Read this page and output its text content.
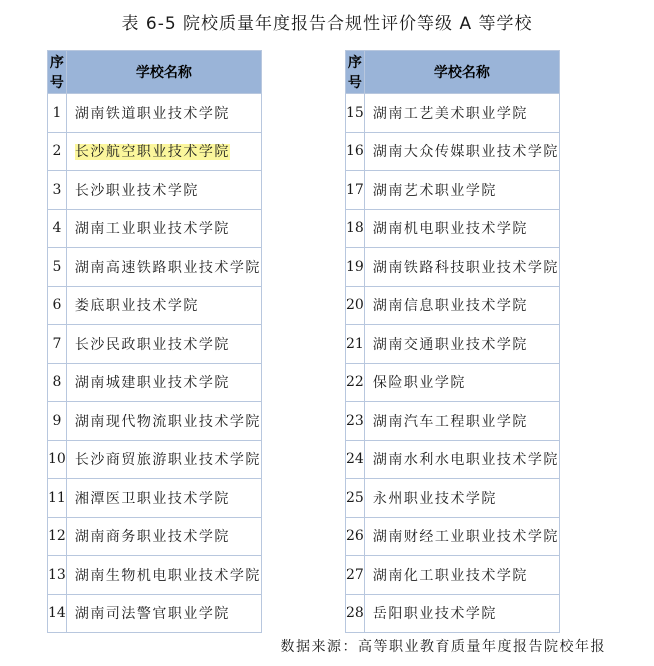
表 6-5 院校质量年度报告合规性评价等级 A 等学校
序号	学校名称
1	湖南铁道职业技术学院
2	长沙航空职业技术学院
3	长沙职业技术学院
4	湖南工业职业技术学院
5	湖南高速铁路职业技术学院
6	娄底职业技术学院
7	长沙民政职业技术学院
8	湖南城建职业技术学院
9	湖南现代物流职业技术学院
10	长沙商贸旅游职业技术学院
11	湘潭医卫职业技术学院
12	湖南商务职业技术学院
13	湖南生物机电职业技术学院
14	湖南司法警官职业学院
序号	学校名称
15	湖南工艺美术职业学院
16	湖南大众传媒职业技术学院
17	湖南艺术职业学院
18	湖南机电职业技术学院
19	湖南铁路科技职业技术学院
20	湖南信息职业技术学院
21	湖南交通职业技术学院
22	保险职业学院
23	湖南汽车工程职业学院
24	湖南水利水电职业技术学院
25	永州职业技术学院
26	湖南财经工业职业技术学院
27	湖南化工职业技术学院
28	岳阳职业技术学院
数据来源：高等职业教育质量年度报告院校年报
